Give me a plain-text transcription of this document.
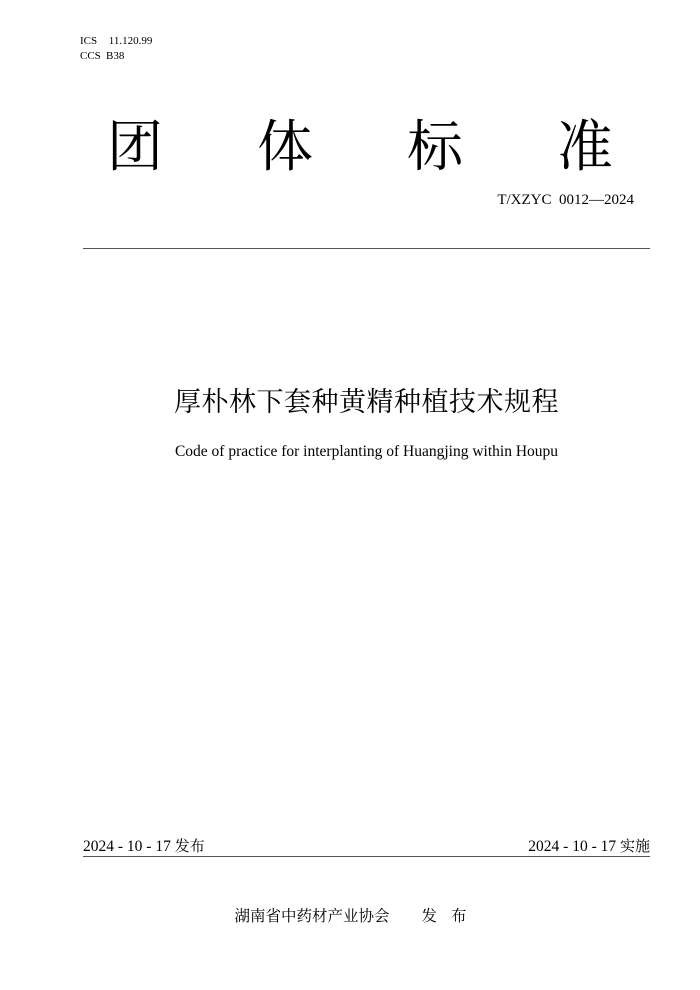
ICS 11.120.99
CCS B38
团	体	标	准
T/XZYC  0012—2024
厚朴林下套种黄精种植技术规程
Code of practice for interplanting of Huangjing within Houpu
2024 - 10 - 17 发布	2024 - 10 - 17 实施
湖南省中药材产业协会 发布
